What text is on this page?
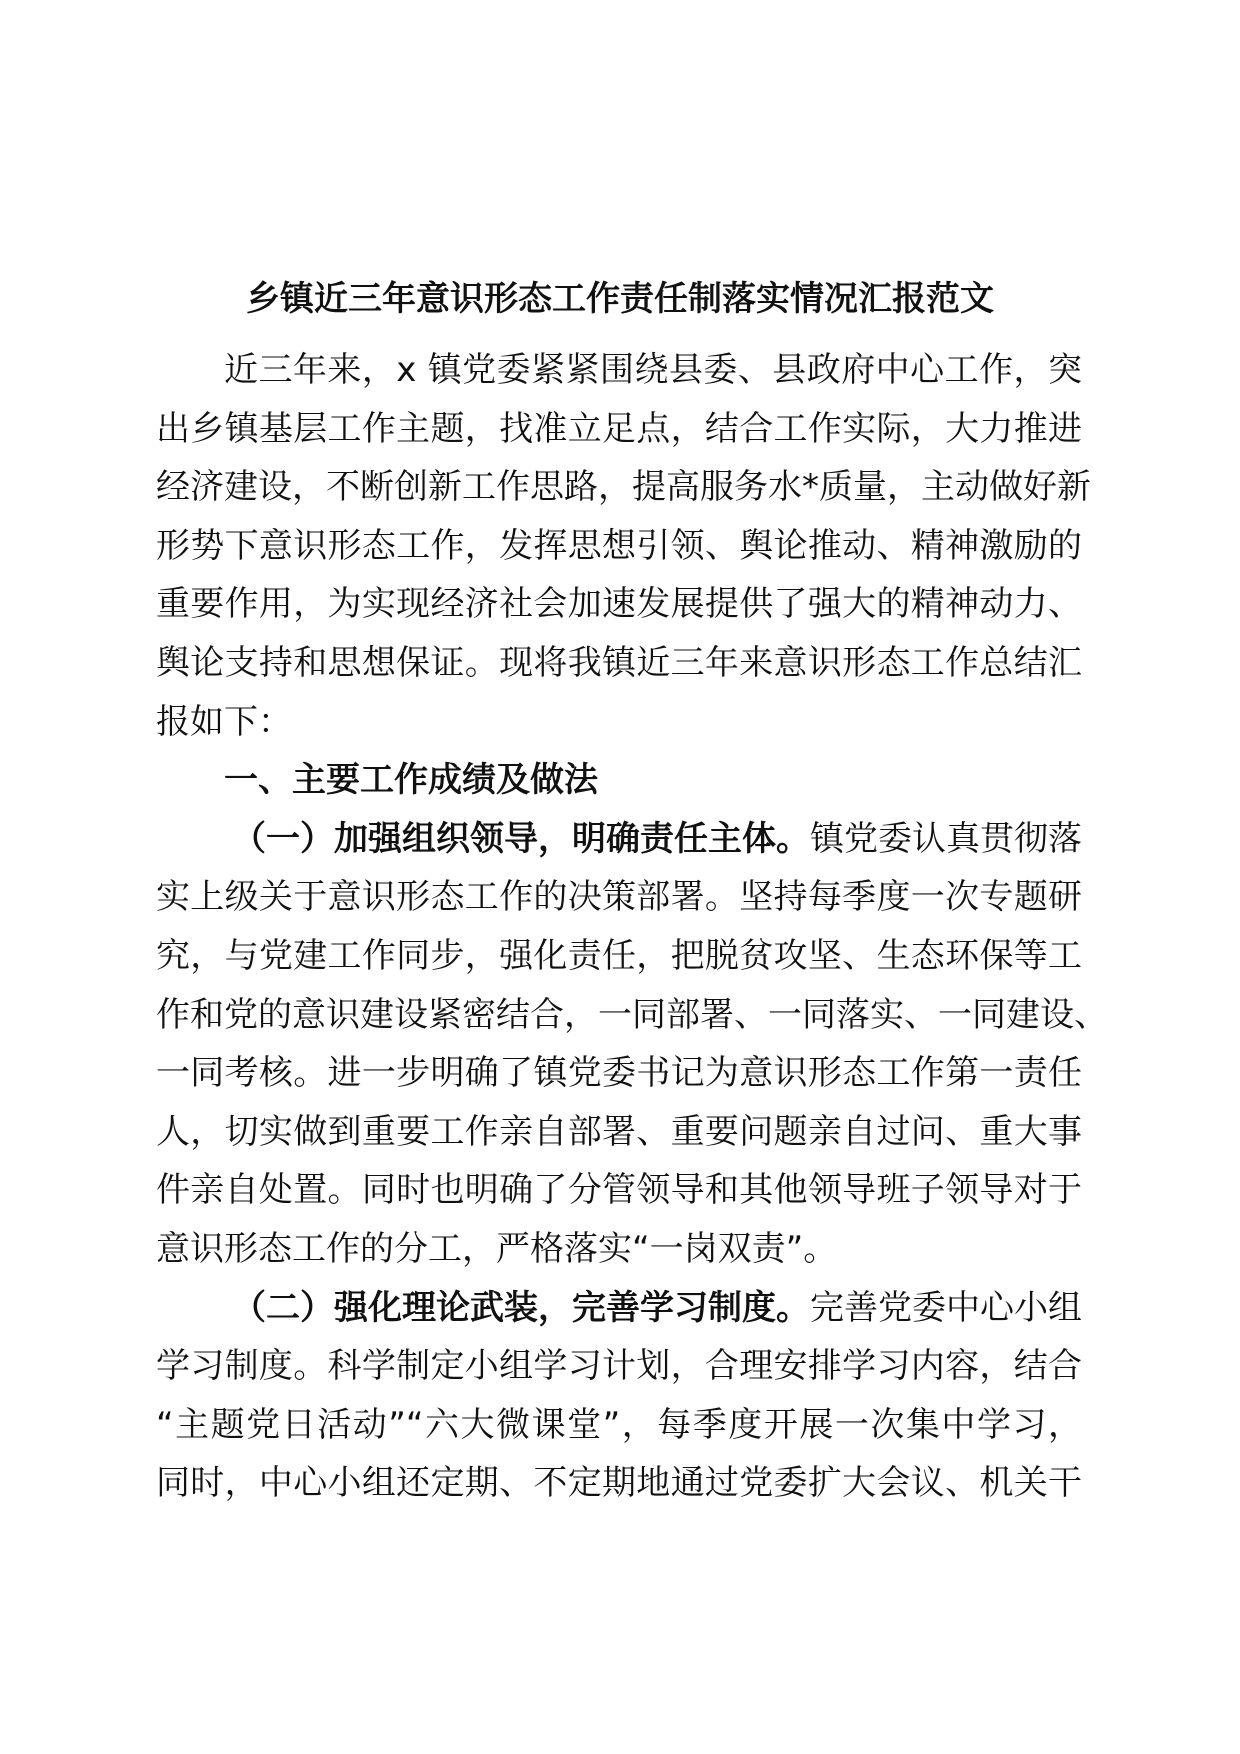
乡镇近三年意识形态工作责任制落实情况汇报范文
近三年来，x 镇党委紧紧围绕县委、县政府中心工作，突
出乡镇基层工作主题，找准立足点，结合工作实际，大力推进
经济建设，不断创新工作思路，提高服务水*质量，主动做好新
形势下意识形态工作，发挥思想引领、舆论推动、精神激励的
重要作用，为实现经济社会加速发展提供了强大的精神动力、
舆论支持和思想保证。现将我镇近三年来意识形态工作总结汇
报如下：
一、主要工作成绩及做法
（一）加强组织领导，明确责任主体。镇党委认真贯彻落
实上级关于意识形态工作的决策部署。坚持每季度一次专题研
究，与党建工作同步，强化责任，把脱贫攻坚、生态环保等工
作和党的意识建设紧密结合，一同部署、一同落实、一同建设、
一同考核。进一步明确了镇党委书记为意识形态工作第一责任
人，切实做到重要工作亲自部署、重要问题亲自过问、重大事
件亲自处置。同时也明确了分管领导和其他领导班子领导对于
意识形态工作的分工，严格落实“一岗双责”。
（二）强化理论武装，完善学习制度。完善党委中心小组
学习制度。科学制定小组学习计划，合理安排学习内容，结合
“主题党日活动”“六大微课堂”，每季度开展一次集中学习，
同时，中心小组还定期、不定期地通过党委扩大会议、机关干
